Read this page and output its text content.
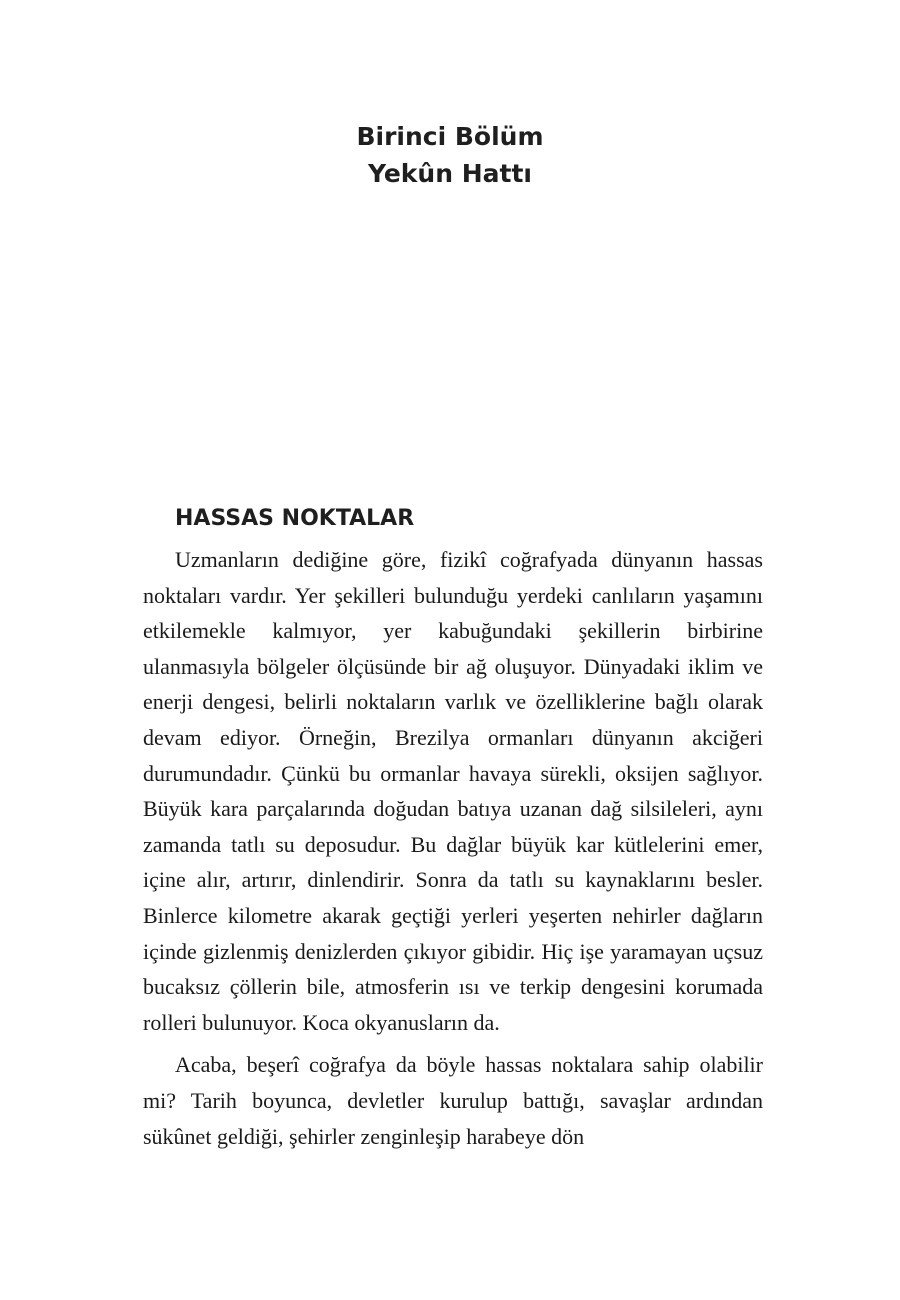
Birinci Bölüm
Yekûn Hattı
HASSAS NOKTALAR

Uzmanların dediğine göre, fizikî coğrafyada dünyanın hassas noktaları vardır. Yer şekilleri bulunduğu yerdeki canlıların yaşamını etkilemekle kalmıyor, yer kabuğundaki şekillerin birbirine ulanmasıyla bölgeler ölçüsünde bir ağ oluşuyor. Dünyadaki iklim ve enerji dengesi, belirli noktaların varlık ve özelliklerine bağlı olarak devam ediyor. Örneğin, Brezilya ormanları dünyanın akciğeri durumundadır. Çünkü bu ormanlar havaya sürekli, oksijen sağlıyor. Büyük kara parçalarında doğudan batıya uzanan dağ silsileleri, aynı zamanda tatlı su deposudur. Bu dağlar büyük kar kütlelerini emer, içine alır, artırır, dinlendirir. Sonra da tatlı su kaynaklarını besler. Binlerce kilometre akarak geçtiği yerleri yeşerten nehirler dağların içinde gizlenmiş denizlerden çıkıyor gibidir. Hiç işe yaramayan uçsuz bucaksız çöllerin bile, atmosferin ısı ve terkip dengesini korumada rolleri bulunuyor. Koca okyanusların da.

Acaba, beşerî coğrafya da böyle hassas noktalara sahip olabilir mi? Tarih boyunca, devletler kurulup battığı, savaşlar ardından sükûnet geldiği, şehirler zenginleşip harabeye dön
